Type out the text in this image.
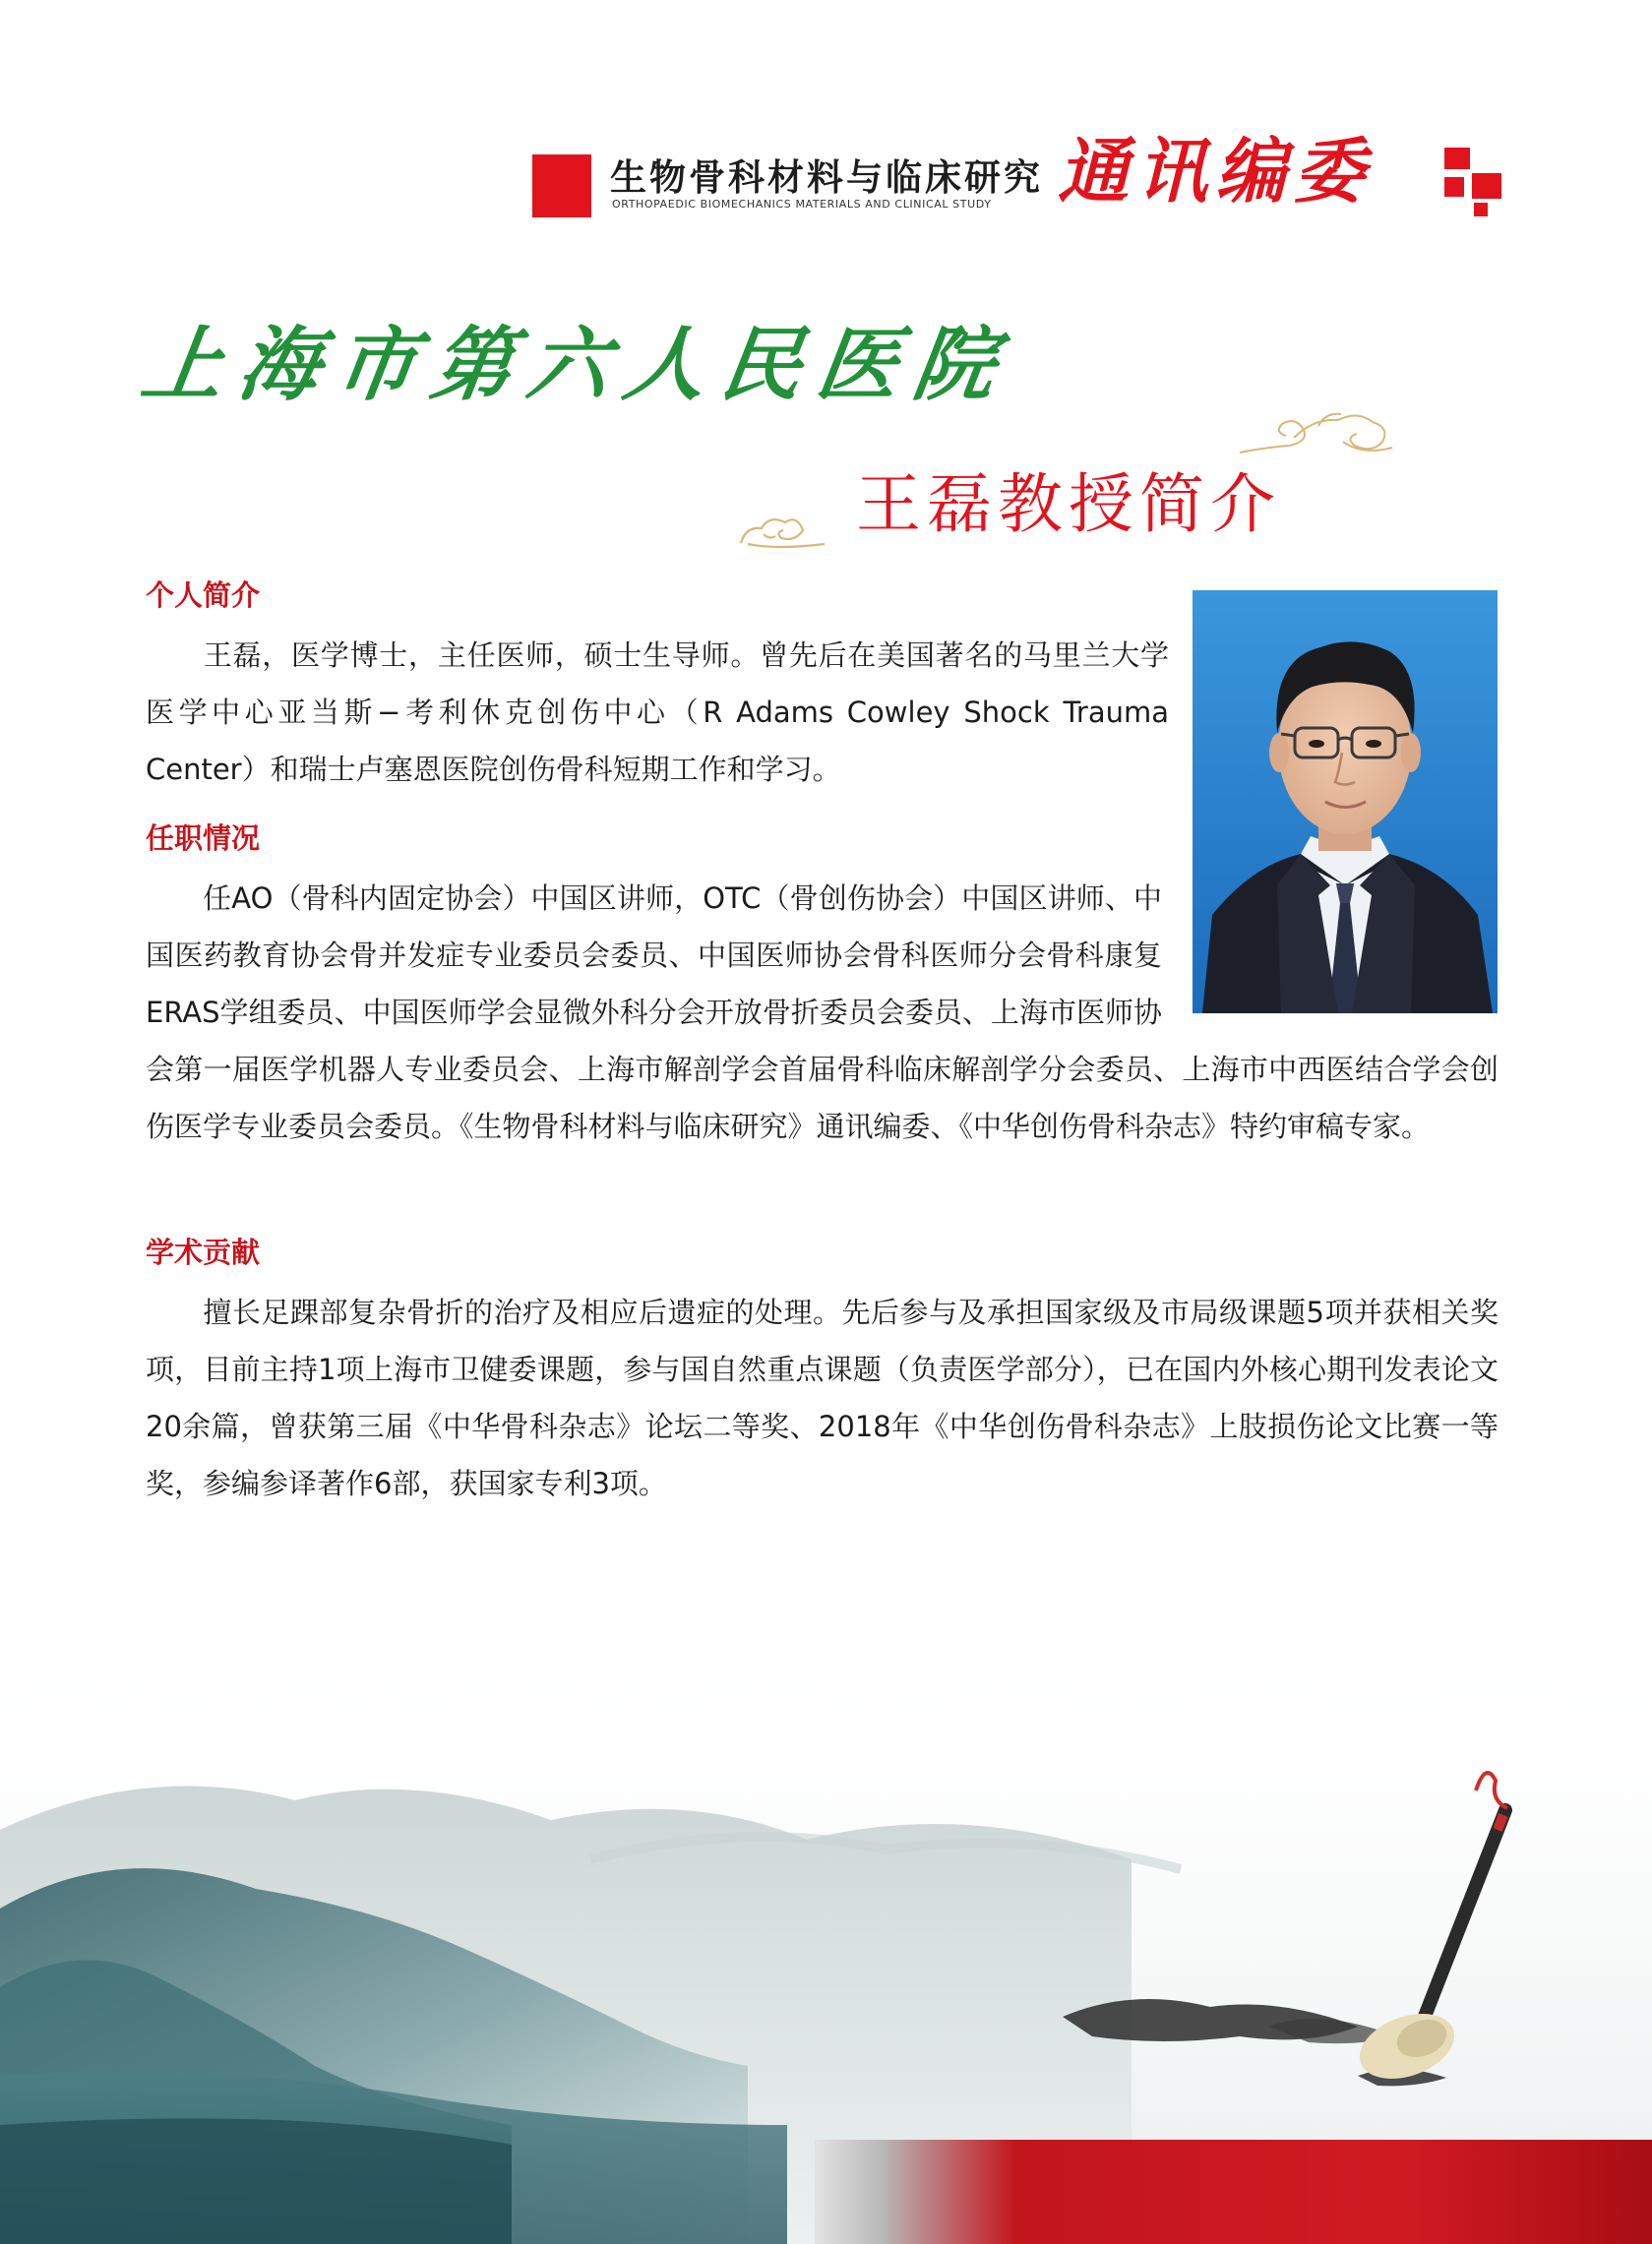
生物骨科材料与临床研究
ORTHOPAEDIC BIOMECHANICS MATERIALS AND CLINICAL STUDY 通讯编委
上海市第六人民医院
王磊教授简介
个人简介
王磊，医学博士，主任医师，硕士生导师。曾先后在美国著名的马里兰大学医学中心亚当斯−考利休克创伤中心（R Adams Cowley Shock Trauma Center）和瑞士卢塞恩医院创伤骨科短期工作和学习。
任职情况
任AO（骨科内固定协会）中国区讲师，OTC（骨创伤协会）中国区讲师、中国医药教育协会骨并发症专业委员会委员、中国医师协会骨科医师分会骨科康复ERAS学组委员、中国医师学会显微外科分会开放骨折委员会委员、上海市医师协会第一届医学机器人专业委员会、上海市解剖学会首届骨科临床解剖学分会委员、上海市中西医结合学会创伤医学专业委员会委员。《生物骨科材料与临床研究》通讯编委、《中华创伤骨科杂志》特约审稿专家。
学术贡献
擅长足踝部复杂骨折的治疗及相应后遗症的处理。先后参与及承担国家级及市局级课题5项并获相关奖项，目前主持1项上海市卫健委课题，参与国自然重点课题（负责医学部分），已在国内外核心期刊发表论文20余篇，曾获第三届《中华骨科杂志》论坛二等奖、2018年《中华创伤骨科杂志》上肢损伤论文比赛一等奖，参编参译著作6部，获国家专利3项。
